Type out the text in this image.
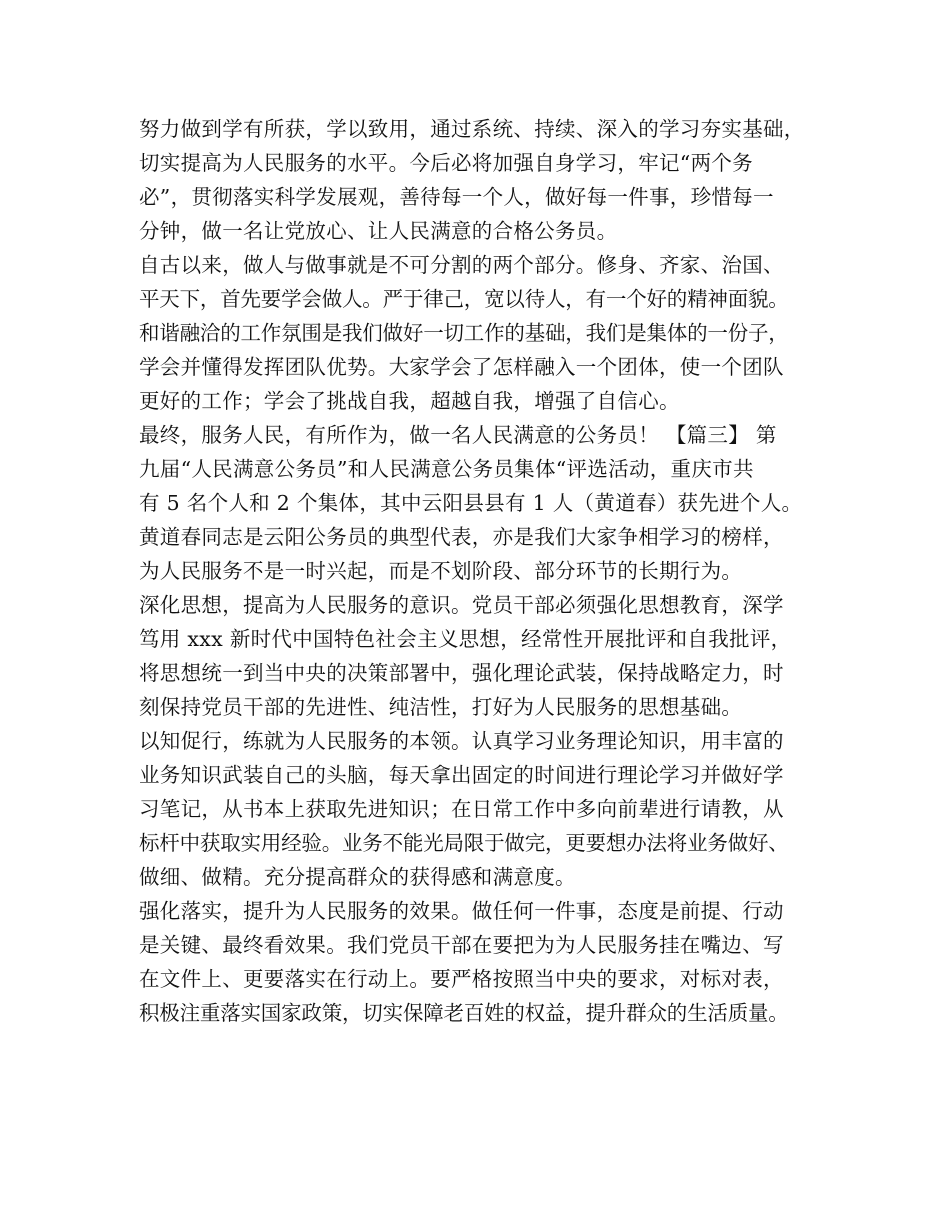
努力做到学有所获，学以致用，通过系统、持续、深入的学习夯实基础，
切实提高为人民服务的水平。今后必将加强自身学习，牢记“两个务
必”，贯彻落实科学发展观，善待每一个人，做好每一件事，珍惜每一
分钟，做一名让党放心、让人民满意的合格公务员。
自古以来，做人与做事就是不可分割的两个部分。修身、齐家、治国、
平天下，首先要学会做人。严于律己，宽以待人，有一个好的精神面貌。
和谐融洽的工作氛围是我们做好一切工作的基础，我们是集体的一份子，
学会并懂得发挥团队优势。大家学会了怎样融入一个团体，使一个团队
更好的工作；学会了挑战自我，超越自我，增强了自信心。
最终，服务人民，有所作为，做一名人民满意的公务员！ 【篇三】 第
九届“人民满意公务员”和人民满意公务员集体“评选活动，重庆市共
有 5 名个人和 2 个集体，其中云阳县县有 1 人（黄道春）获先进个人。
黄道春同志是云阳公务员的典型代表，亦是我们大家争相学习的榜样，
为人民服务不是一时兴起，而是不划阶段、部分环节的长期行为。
深化思想，提高为人民服务的意识。党员干部必须强化思想教育，深学
笃用 xxx 新时代中国特色社会主义思想，经常性开展批评和自我批评，
将思想统一到当中央的决策部署中，强化理论武装，保持战略定力，时
刻保持党员干部的先进性、纯洁性，打好为人民服务的思想基础。
以知促行，练就为人民服务的本领。认真学习业务理论知识，用丰富的
业务知识武装自己的头脑，每天拿出固定的时间进行理论学习并做好学
习笔记，从书本上获取先进知识；在日常工作中多向前辈进行请教，从
标杆中获取实用经验。业务不能光局限于做完，更要想办法将业务做好、
做细、做精。充分提高群众的获得感和满意度。
强化落实，提升为人民服务的效果。做任何一件事，态度是前提、行动
是关键、最终看效果。我们党员干部在要把为为人民服务挂在嘴边、写
在文件上、更要落实在行动上。要严格按照当中央的要求，对标对表，
积极注重落实国家政策，切实保障老百姓的权益，提升群众的生活质量。
